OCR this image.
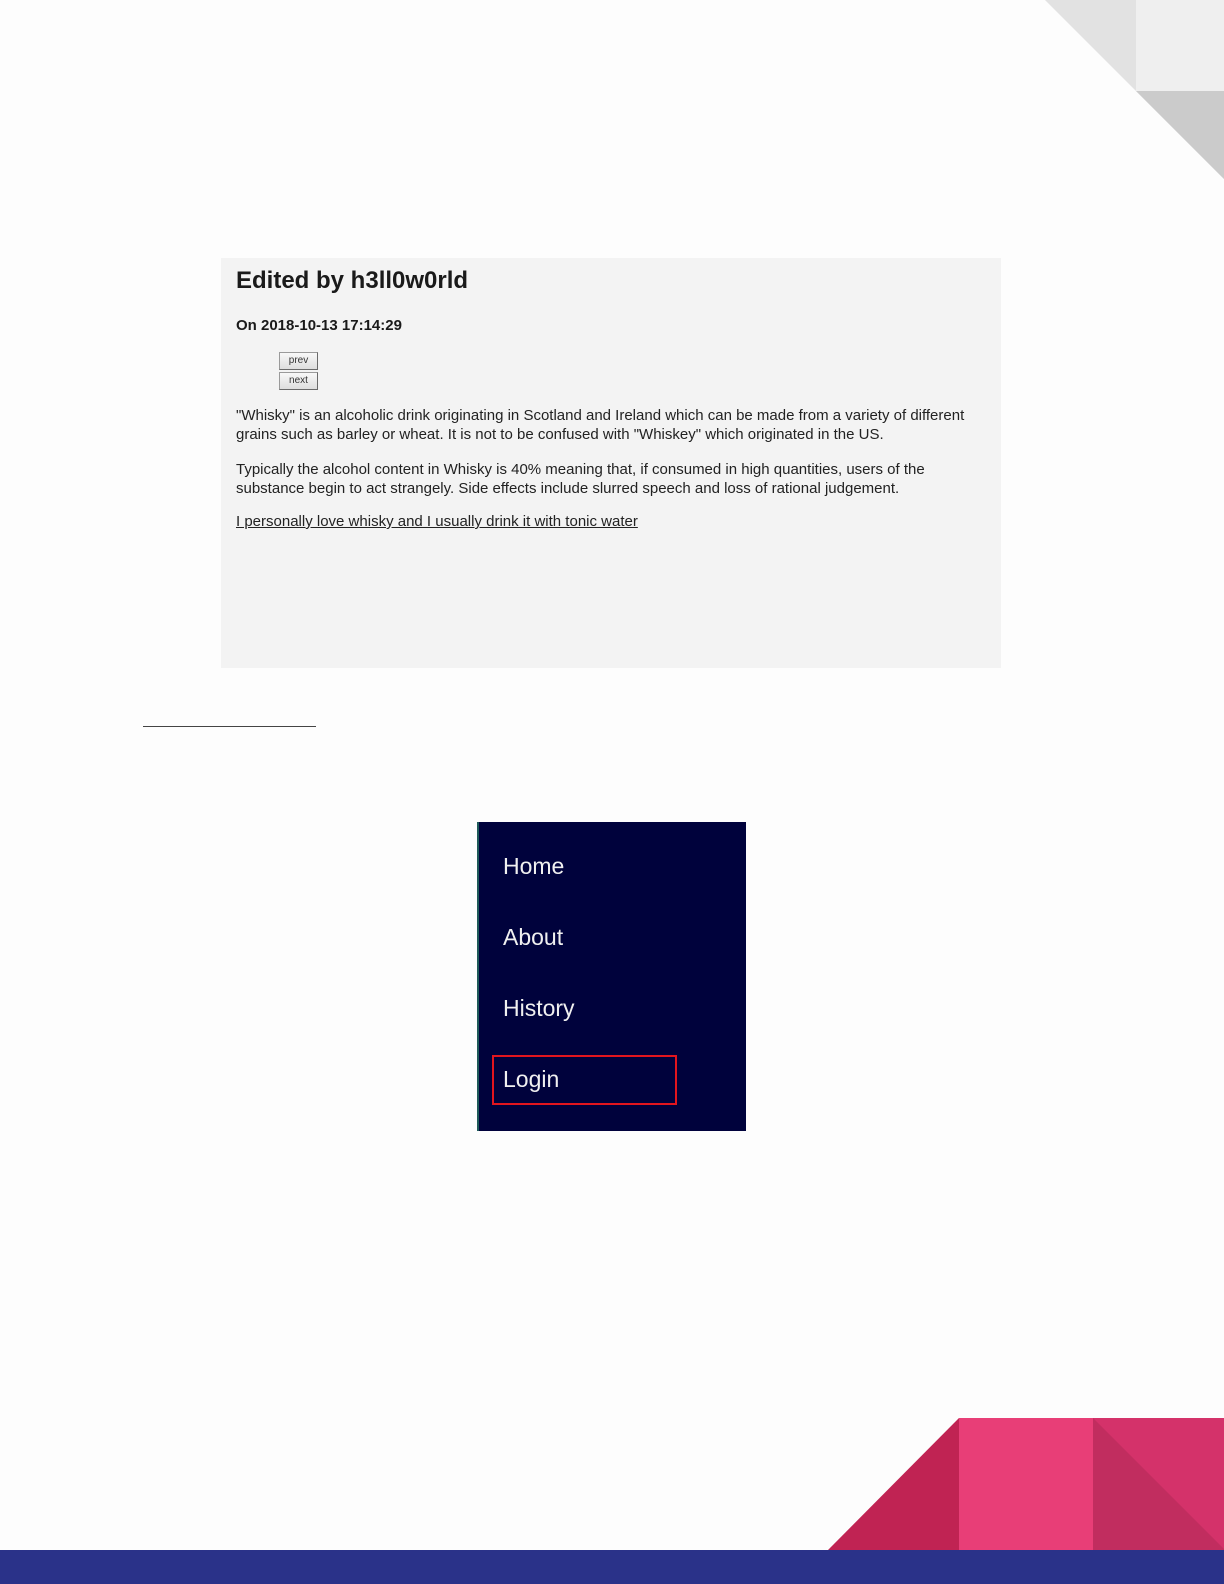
Edited by h3ll0w0rld

On 2018-10-13 17:14:29

prev
next

"Whisky" is an alcoholic drink originating in Scotland and Ireland which can be made from a variety of different grains such as barley or wheat. It is not to be confused with "Whiskey" which originated in the US.

Typically the alcohol content in Whisky is 40% meaning that, if consumed in high quantities, users of the substance begin to act strangely. Side effects include slurred speech and loss of rational judgement.

I personally love whisky and I usually drink it with tonic water
Home
About
History
Login
